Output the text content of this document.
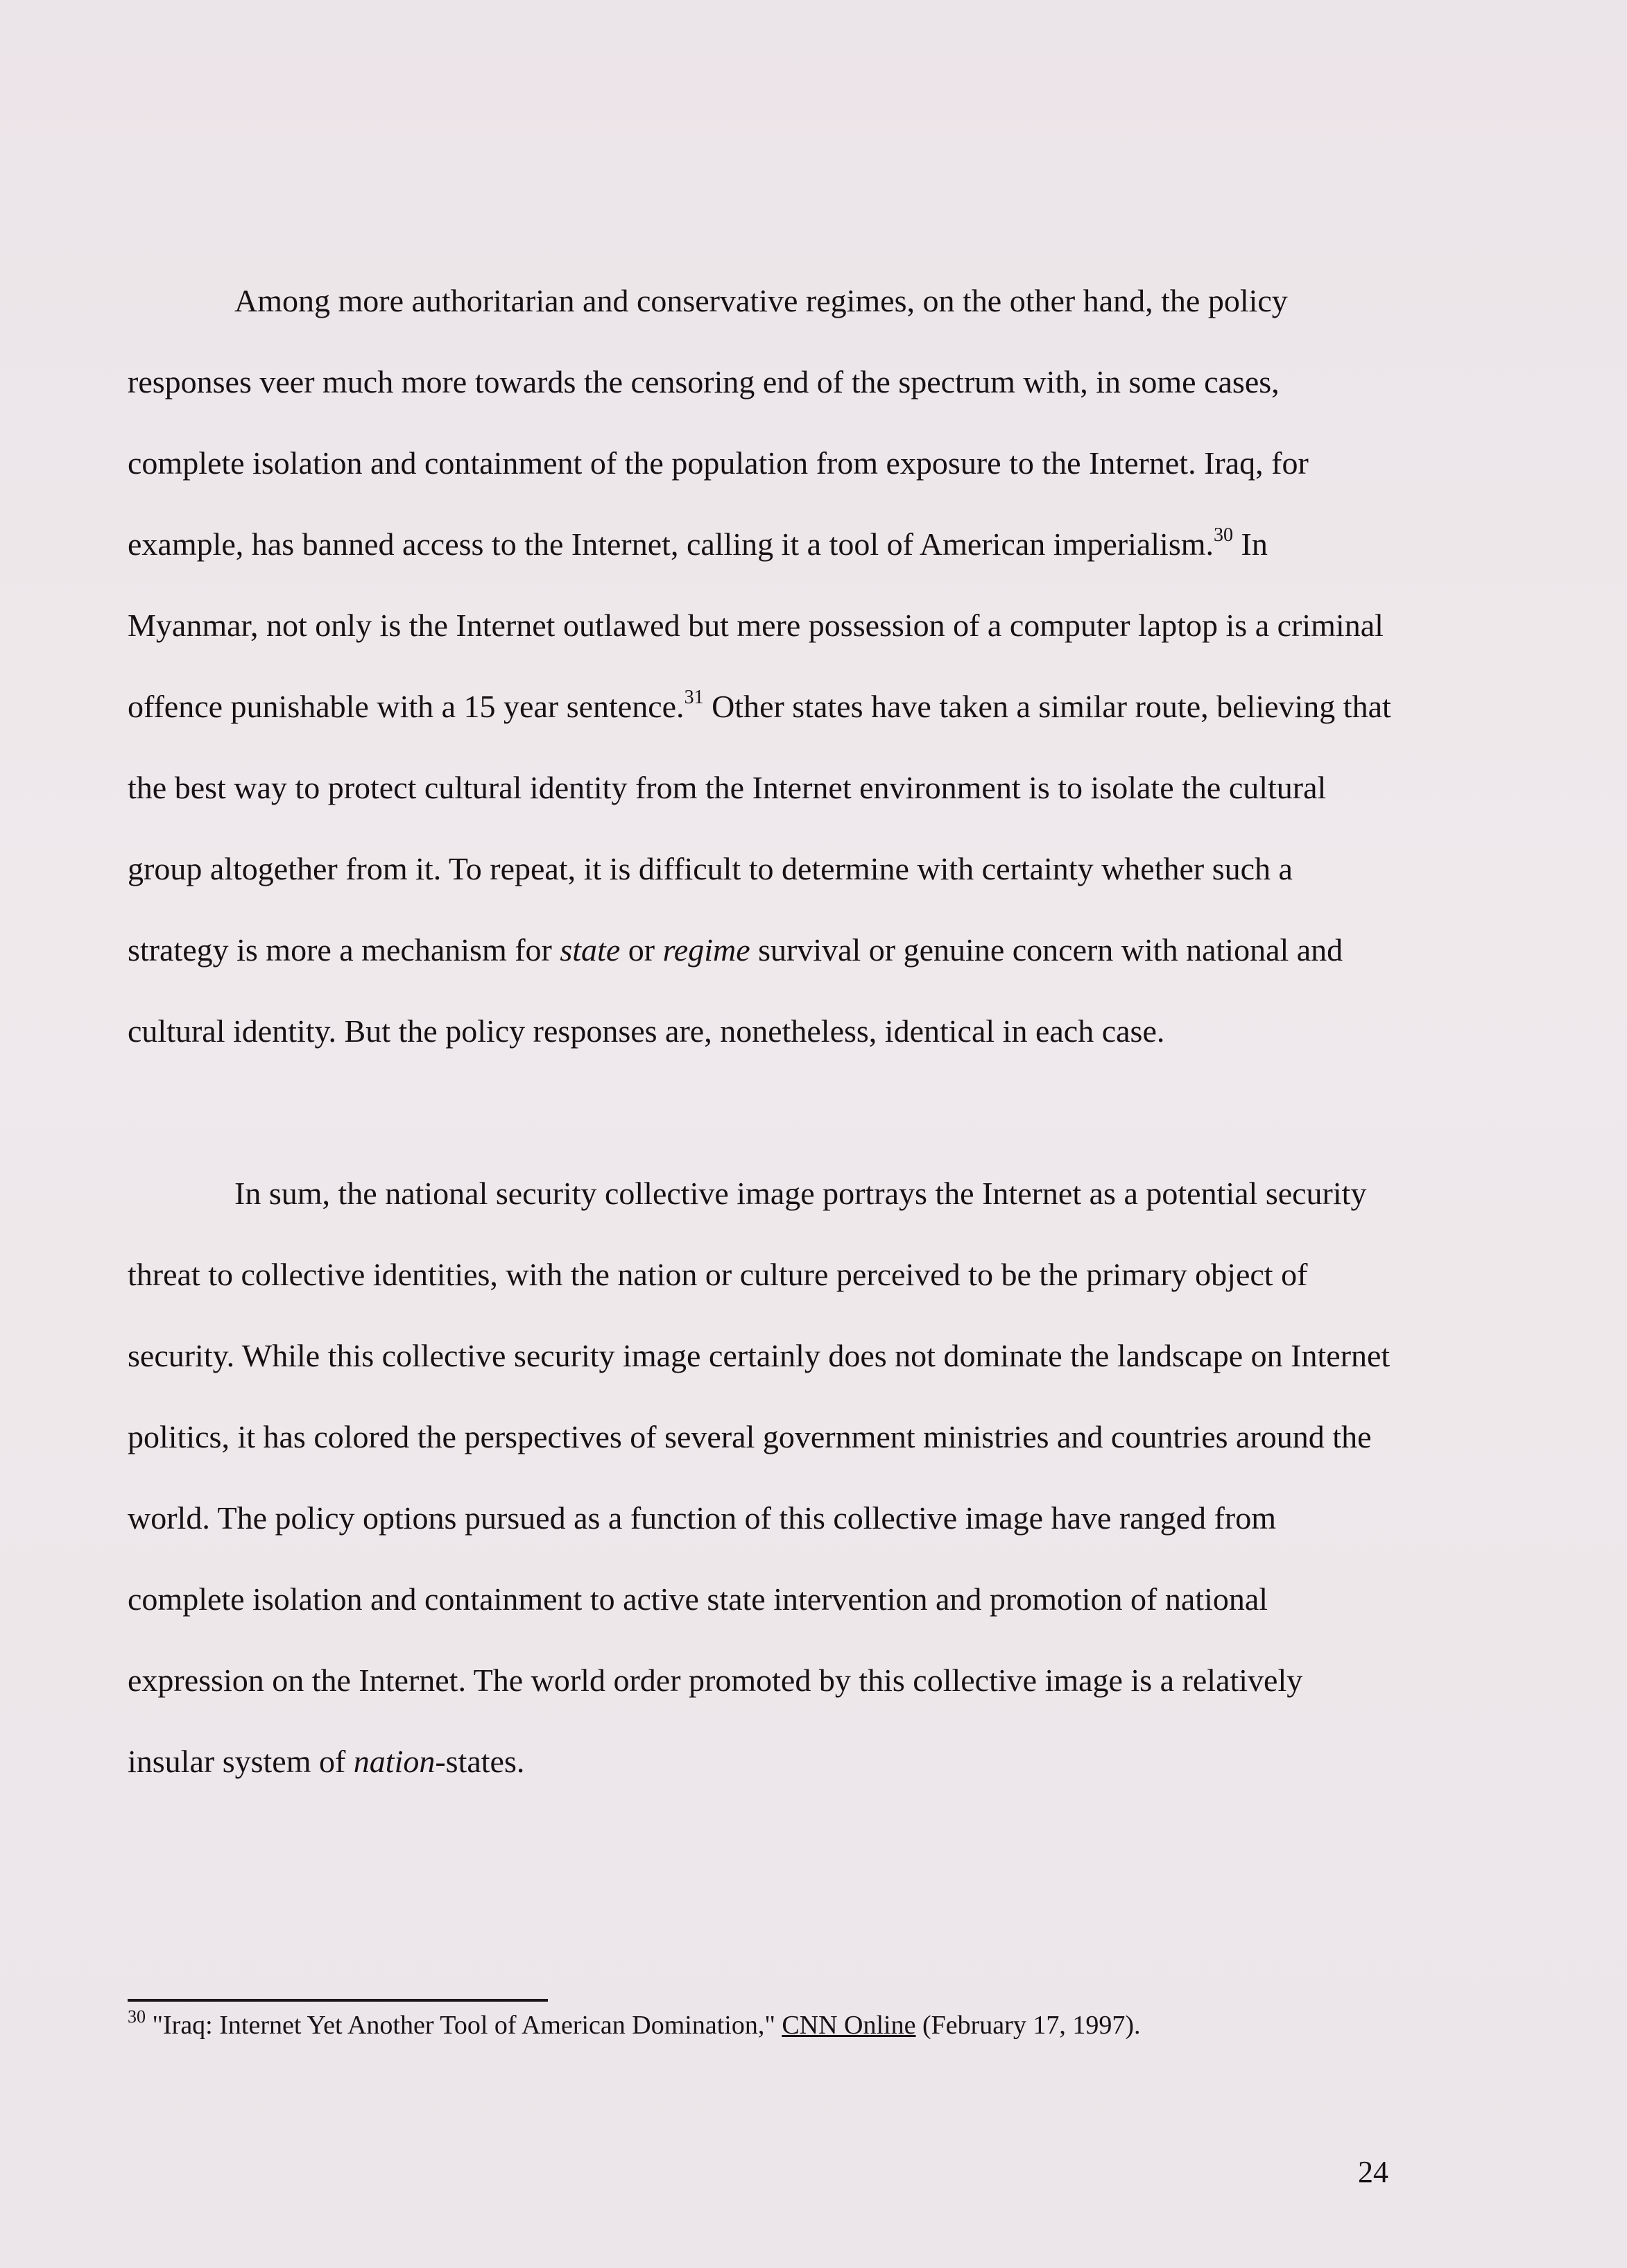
Among more authoritarian and conservative regimes, on the other hand, the policy responses veer much more towards the censoring end of the spectrum with, in some cases, complete isolation and containment of the population from exposure to the Internet. Iraq, for example, has banned access to the Internet, calling it a tool of American imperialism.$^{30}$ In Myanmar, not only is the Internet outlawed but mere possession of a computer laptop is a criminal offence punishable with a 15 year sentence.$^{31}$ Other states have taken a similar route, believing that the best way to protect cultural identity from the Internet environment is to isolate the cultural group altogether from it. To repeat, it is difficult to determine with certainty whether such a strategy is more a mechanism for state or regime survival or genuine concern with national and cultural identity. But the policy responses are, nonetheless, identical in each case.

In sum, the national security collective image portrays the Internet as a potential security threat to collective identities, with the nation or culture perceived to be the primary object of security. While this collective security image certainly does not dominate the landscape on Internet politics, it has colored the perspectives of several government ministries and countries around the world. The policy options pursued as a function of this collective image have ranged from complete isolation and containment to active state intervention and promotion of national expression on the Internet. The world order promoted by this collective image is a relatively insular system of nation-states.

$^{30}$ "Iraq: Internet Yet Another Tool of American Domination," CNN Online (February 17, 1997).
24
